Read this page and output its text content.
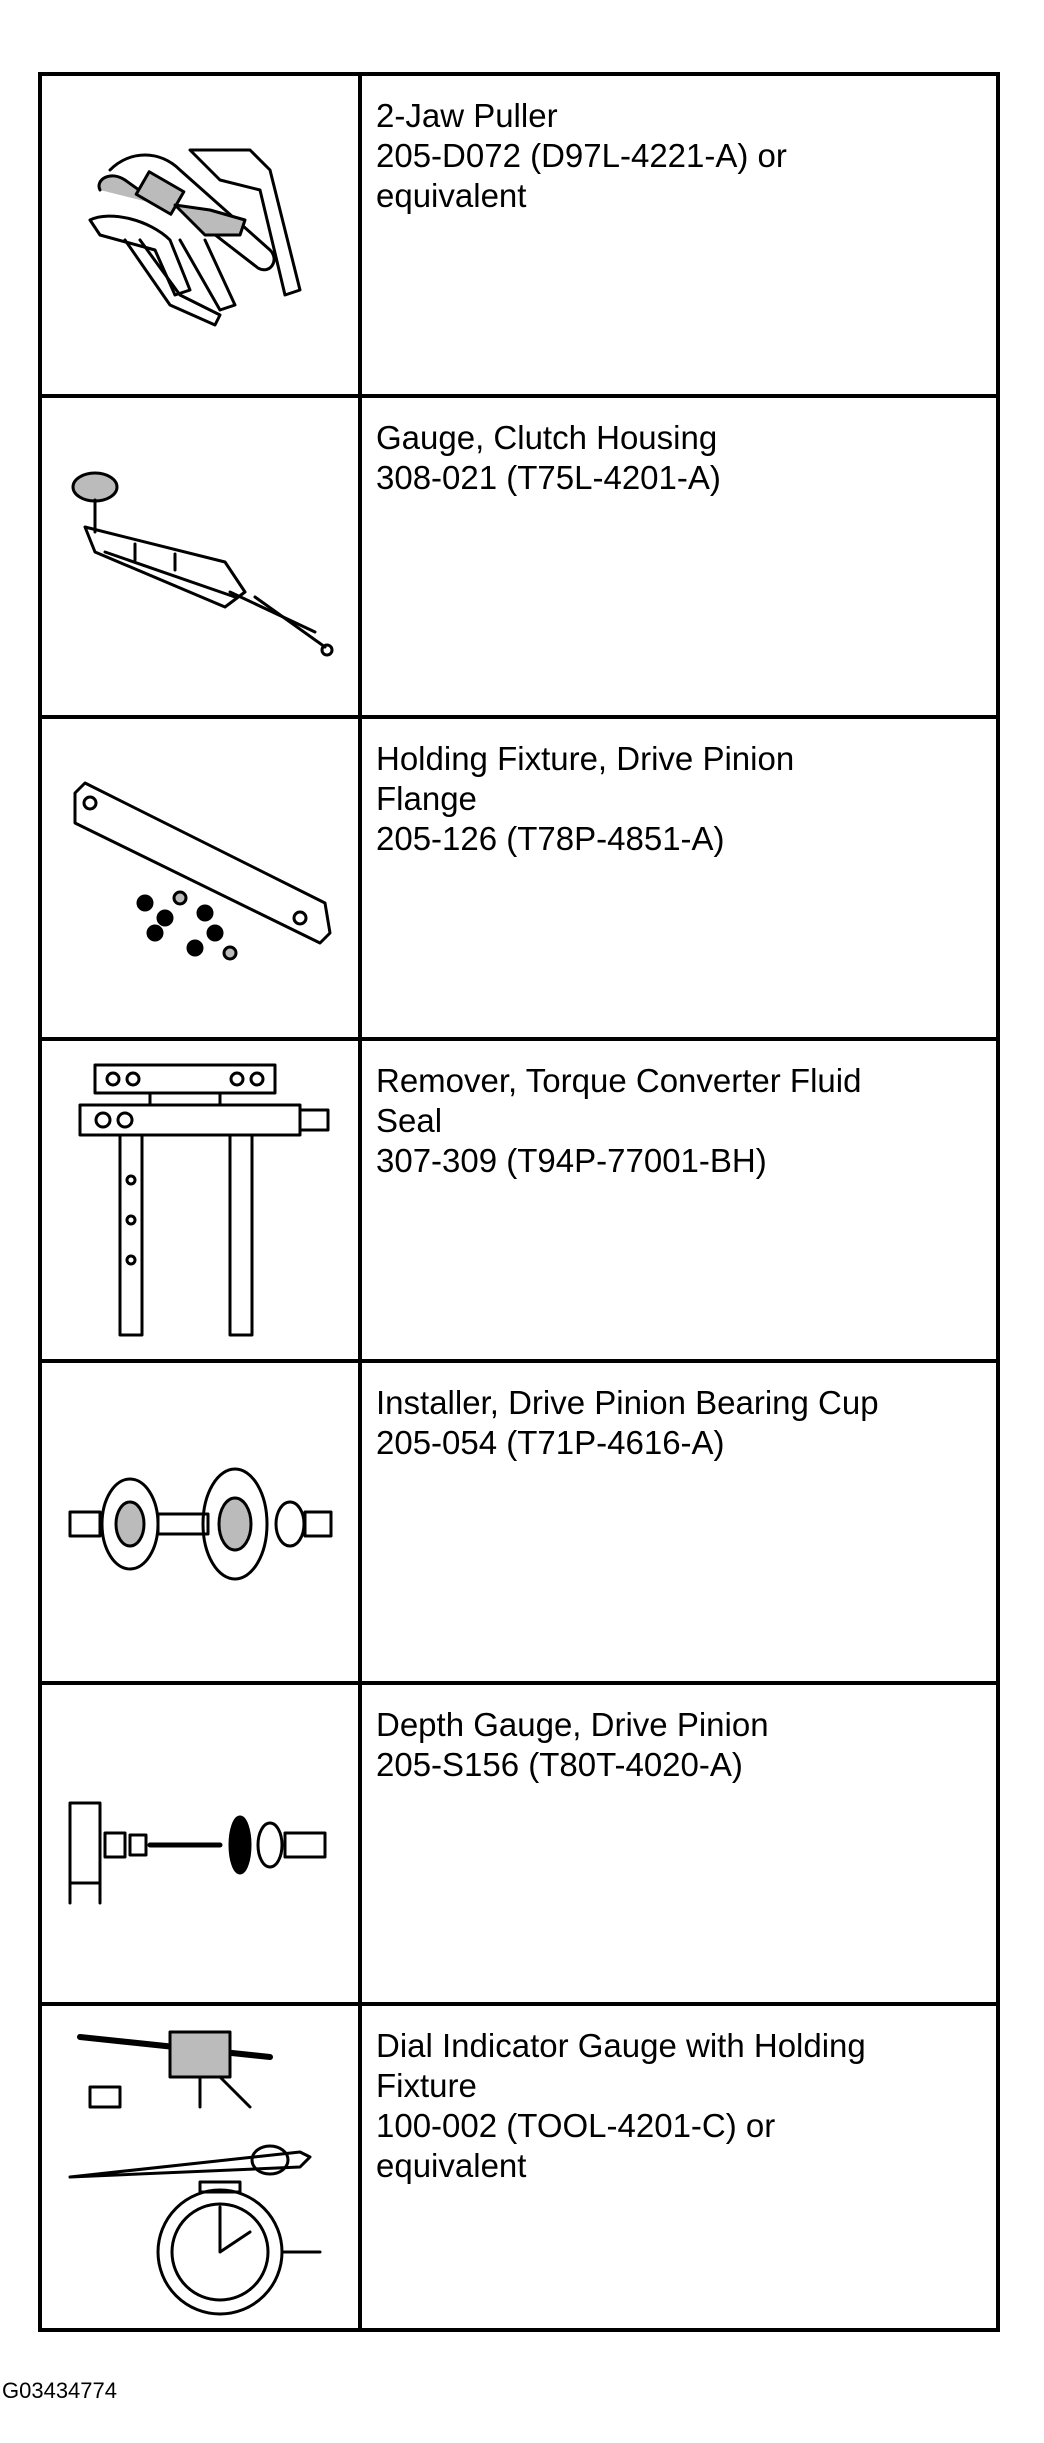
2-Jaw Puller
205-D072 (D97L-4221-A) or
equivalent
Gauge, Clutch Housing
308-021 (T75L-4201-A)
Holding Fixture, Drive Pinion
Flange
205-126 (T78P-4851-A)
Remover, Torque Converter Fluid
Seal
307-309 (T94P-77001-BH)
Installer, Drive Pinion Bearing Cup

205-054 (T71P-4616-A)
Depth Gauge, Drive Pinion
205-S156 (T80T-4020-A)
Dial Indicator Gauge with Holding
Fixture
100-002 (TOOL-4201-C) or
equivalent
G03434774
